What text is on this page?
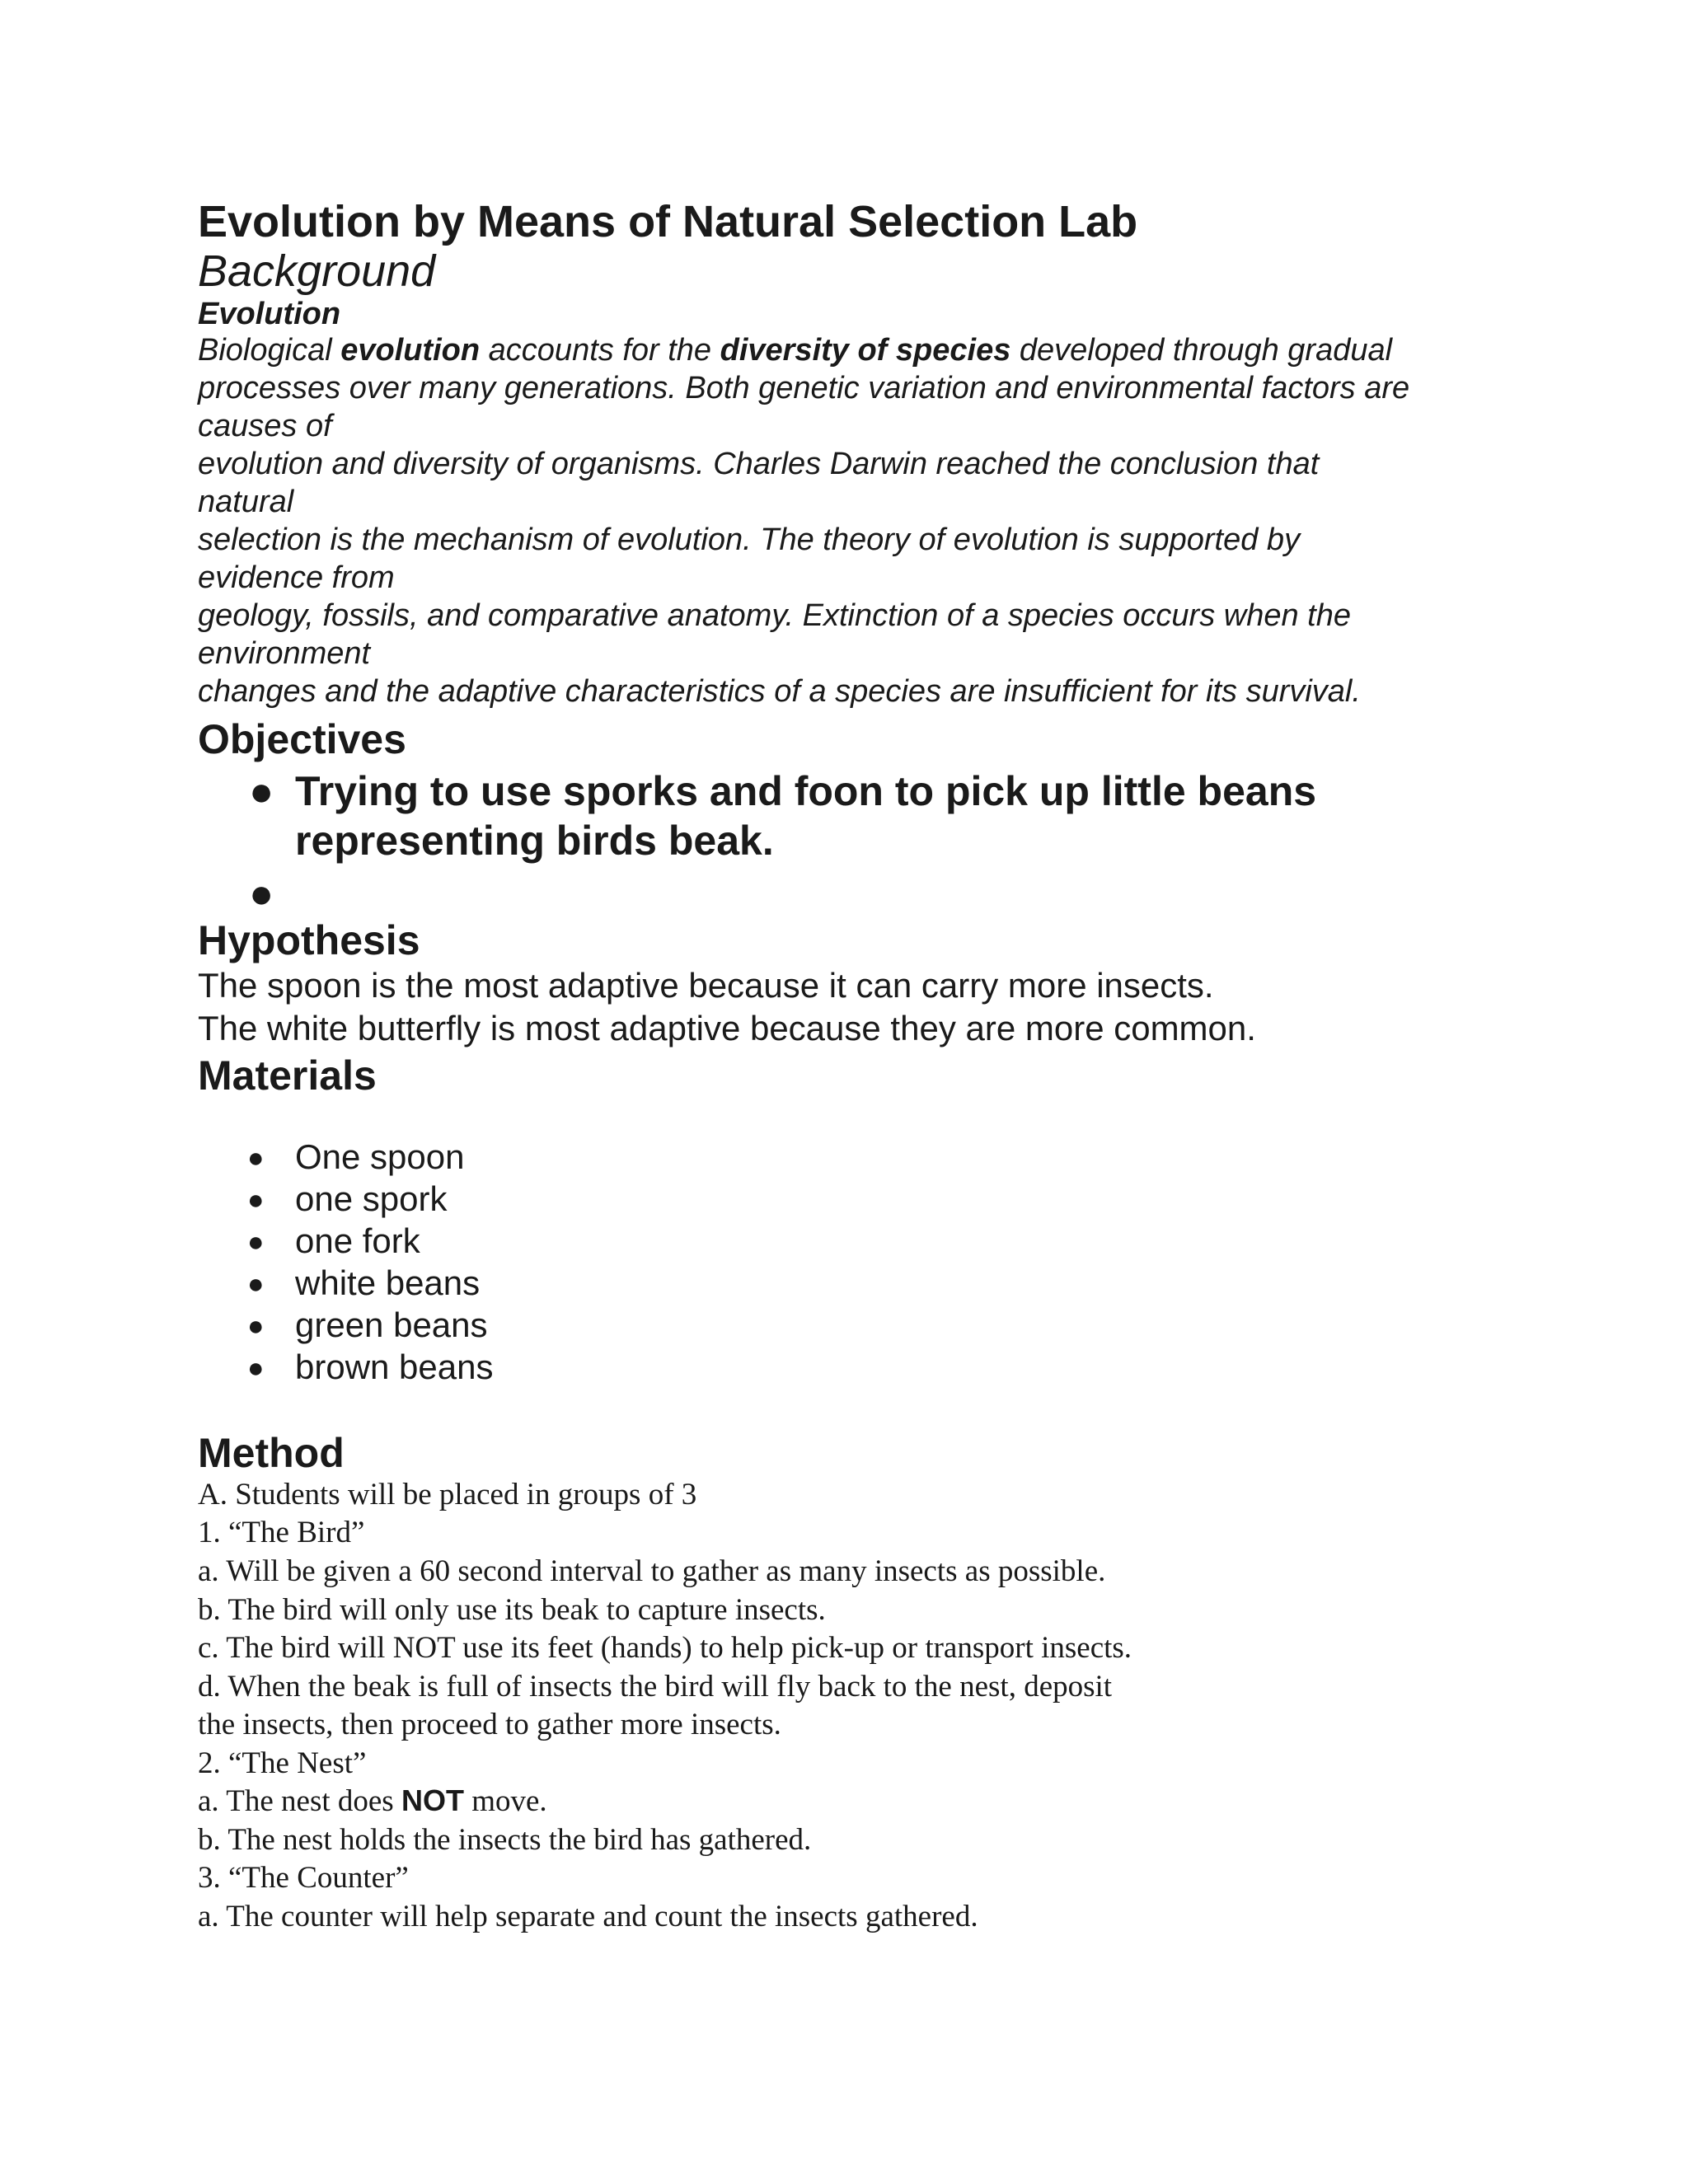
Evolution by Means of Natural Selection Lab
Background
Evolution
Biological evolution accounts for the diversity of species developed through gradual
processes over many generations. Both genetic variation and environmental factors are
causes of
evolution and diversity of organisms. Charles Darwin reached the conclusion that
natural
selection is the mechanism of evolution. The theory of evolution is supported by
evidence from
geology, fossils, and comparative anatomy. Extinction of a species occurs when the
environment
changes and the adaptive characteristics of a species are insufficient for its survival.
Objectives
● Trying to use sporks and foon to pick up little beans
representing birds beak.
●
Hypothesis
The spoon is the most adaptive because it can carry more insects.
The white butterfly is most adaptive because they are more common.
Materials
● One spoon
● one spork
● one fork
● white beans
● green beans
● brown beans
Method
A. Students will be placed in groups of 3
1. “The Bird”
a. Will be given a 60 second interval to gather as many insects as possible.
b. The bird will only use its beak to capture insects.
c. The bird will NOT use its feet (hands) to help pick-up or transport insects.
d. When the beak is full of insects the bird will fly back to the nest, deposit
the insects, then proceed to gather more insects.
2. “The Nest”
a. The nest does NOT move.
b. The nest holds the insects the bird has gathered.
3. “The Counter”
a. The counter will help separate and count the insects gathered.
